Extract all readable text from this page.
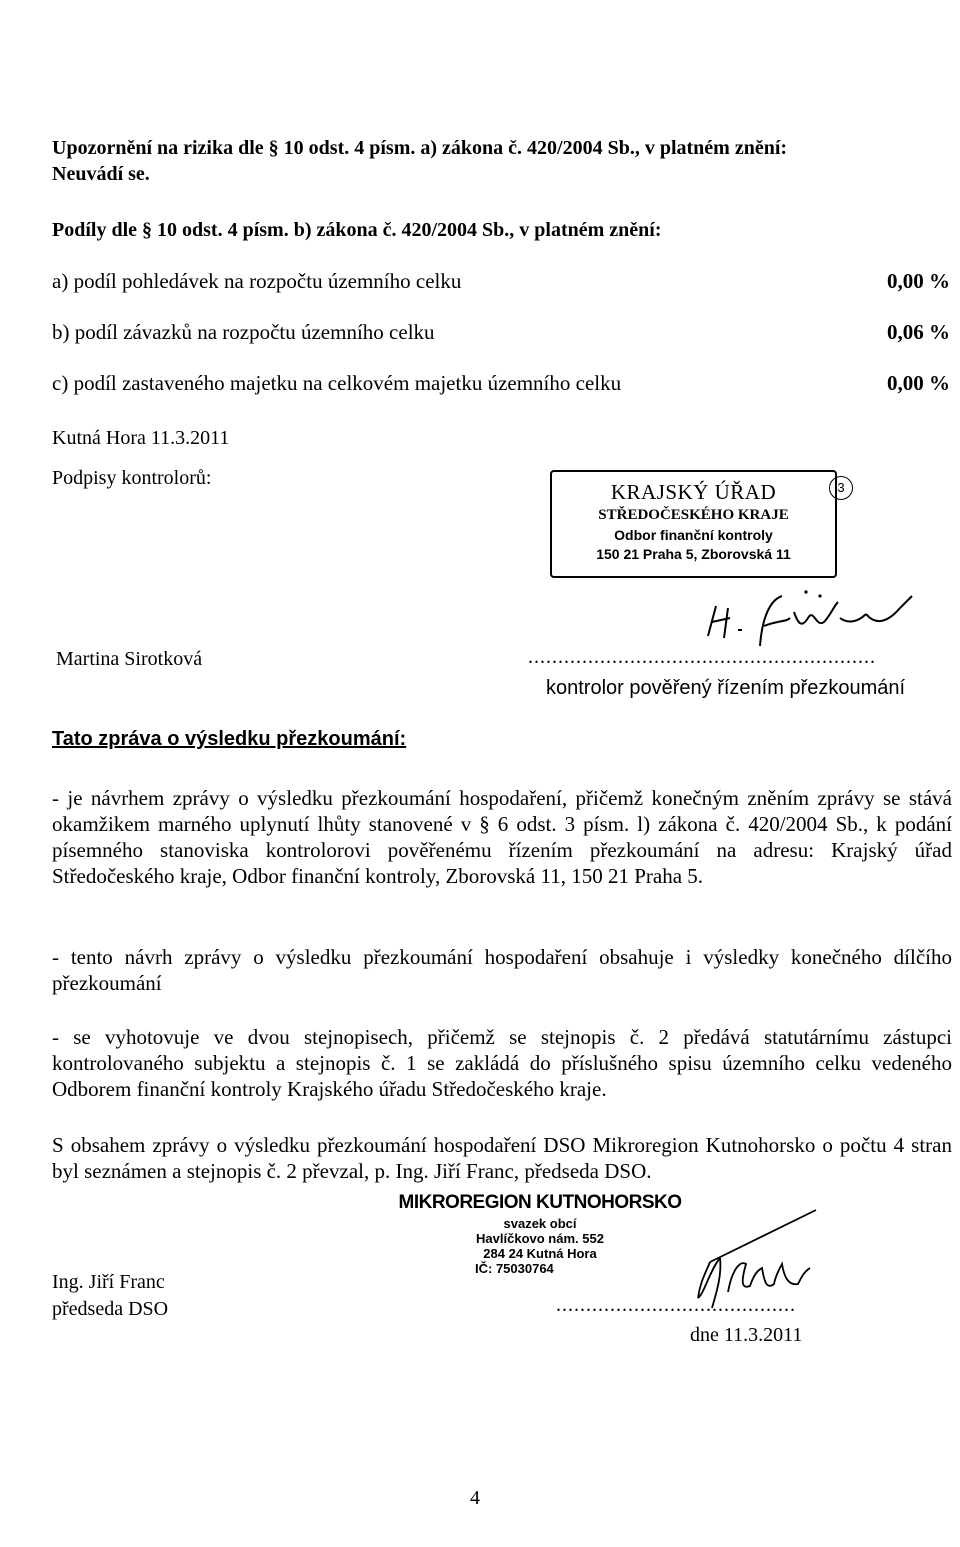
Upozornění na rizika dle § 10 odst. 4 písm. a) zákona č. 420/2004 Sb., v platném znění:
Neuvádí se.
Podíly dle § 10 odst. 4 písm. b) zákona č. 420/2004 Sb., v platném znění:
a) podíl pohledávek na rozpočtu územního celku	0,00 %
b) podíl závazků na rozpočtu územního celku	0,06 %
c) podíl zastaveného majetku na celkovém majetku územního celku	0,00 %
Kutná Hora 11.3.2011
Podpisy kontrolorů:
KRAJSKÝ ÚŘAD
STŘEDOČESKÉHO KRAJE
Odbor finanční kontroly
150 21 Praha 5, Zborovská 11
3
Martina Sirotková	..........................................................
kontrolor pověřený řízením přezkoumání
Tato zpráva o výsledku přezkoumání:
- je návrhem zprávy o výsledku přezkoumání hospodaření, přičemž konečným zněním zprávy se stává okamžikem marného uplynutí lhůty stanovené v § 6 odst. 3 písm. l) zákona č. 420/2004 Sb., k podání písemného stanoviska kontrolorovi pověřenému řízením přezkoumání na adresu: Krajský úřad Středočeského kraje, Odbor finanční kontroly, Zborovská 11, 150 21 Praha 5.
- tento návrh zprávy o výsledku přezkoumání hospodaření obsahuje i výsledky konečného dílčího přezkoumání
- se vyhotovuje ve dvou stejnopisech, přičemž se stejnopis č. 2 předává statutárnímu zástupci kontrolovaného subjektu a stejnopis č. 1 se zakládá do příslušného spisu územního celku vedeného Odborem finanční kontroly Krajského úřadu Středočeského kraje.
S obsahem zprávy o výsledku přezkoumání hospodaření DSO Mikroregion Kutnohorsko o počtu 4 stran byl seznámen a stejnopis č. 2 převzal, p. Ing. Jiří Franc, předseda DSO.
MIKROREGION KUTNOHORSKO
svazek obcí
Havlíčkovo nám. 552
284 24 Kutná Hora
IČ: 75030764
Ing. Jiří Franc
předseda DSO	........................................
dne 11.3.2011
4
